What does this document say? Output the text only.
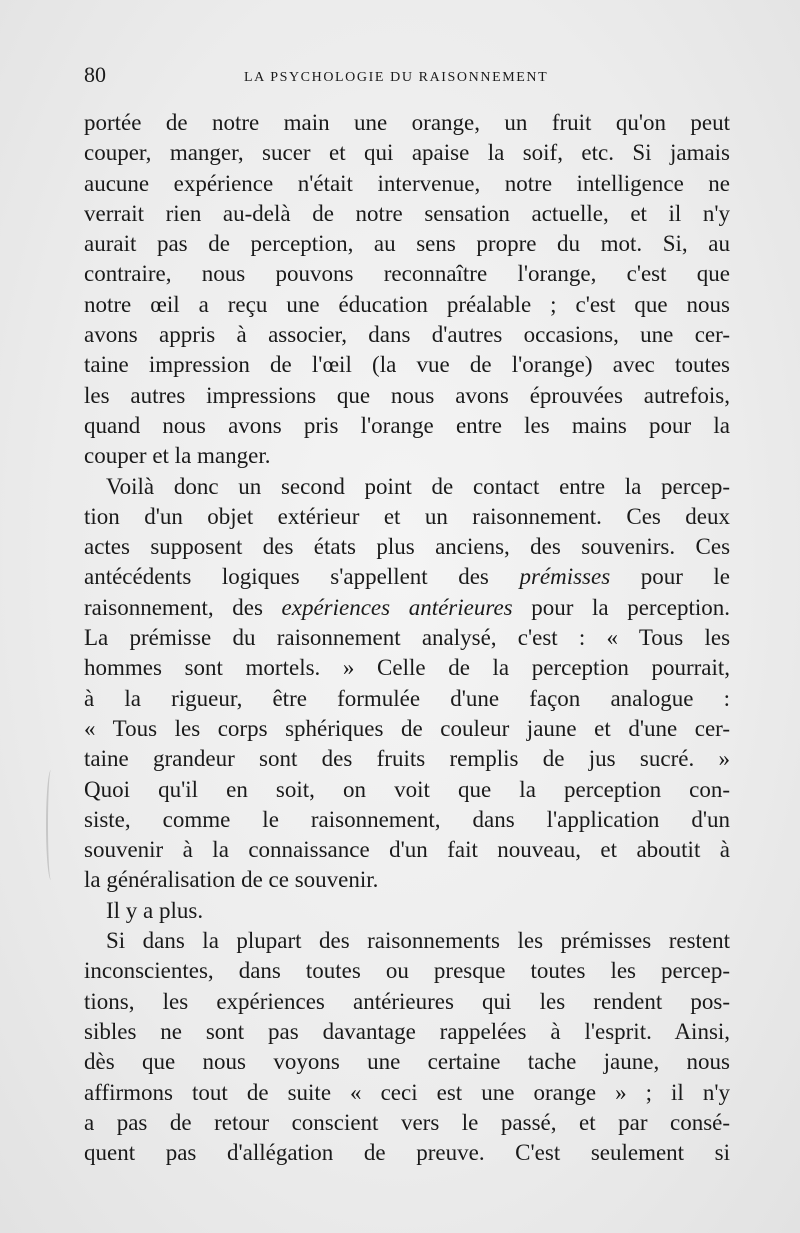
80	LA PSYCHOLOGIE DU RAISONNEMENT
portée de notre main une orange, un fruit qu'on peut
couper, manger, sucer et qui apaise la soif, etc. Si jamais
aucune expérience n'était intervenue, notre intelligence ne
verrait rien au-delà de notre sensation actuelle, et il n'y
aurait pas de perception, au sens propre du mot. Si, au
contraire, nous pouvons reconnaître l'orange, c'est que
notre œil a reçu une éducation préalable ; c'est que nous
avons appris à associer, dans d'autres occasions, une cer-
taine impression de l'œil (la vue de l'orange) avec toutes
les autres impressions que nous avons éprouvées autrefois,
quand nous avons pris l'orange entre les mains pour la
couper et la manger.
Voilà donc un second point de contact entre la percep-
tion d'un objet extérieur et un raisonnement. Ces deux
actes supposent des états plus anciens, des souvenirs. Ces
antécédents logiques s'appellent des prémisses pour le
raisonnement, des expériences antérieures pour la perception.
La prémisse du raisonnement analysé, c'est : « Tous les
hommes sont mortels. » Celle de la perception pourrait,
à la rigueur, être formulée d'une façon analogue :
« Tous les corps sphériques de couleur jaune et d'une cer-
taine grandeur sont des fruits remplis de jus sucré. »
Quoi qu'il en soit, on voit que la perception con-
siste, comme le raisonnement, dans l'application d'un
souvenir à la connaissance d'un fait nouveau, et aboutit à
la généralisation de ce souvenir.
Il y a plus.
Si dans la plupart des raisonnements les prémisses restent
inconscientes, dans toutes ou presque toutes les percep-
tions, les expériences antérieures qui les rendent pos-
sibles ne sont pas davantage rappelées à l'esprit. Ainsi,
dès que nous voyons une certaine tache jaune, nous
affirmons tout de suite « ceci est une orange » ; il n'y
a pas de retour conscient vers le passé, et par consé-
quent pas d'allégation de preuve. C'est seulement si
